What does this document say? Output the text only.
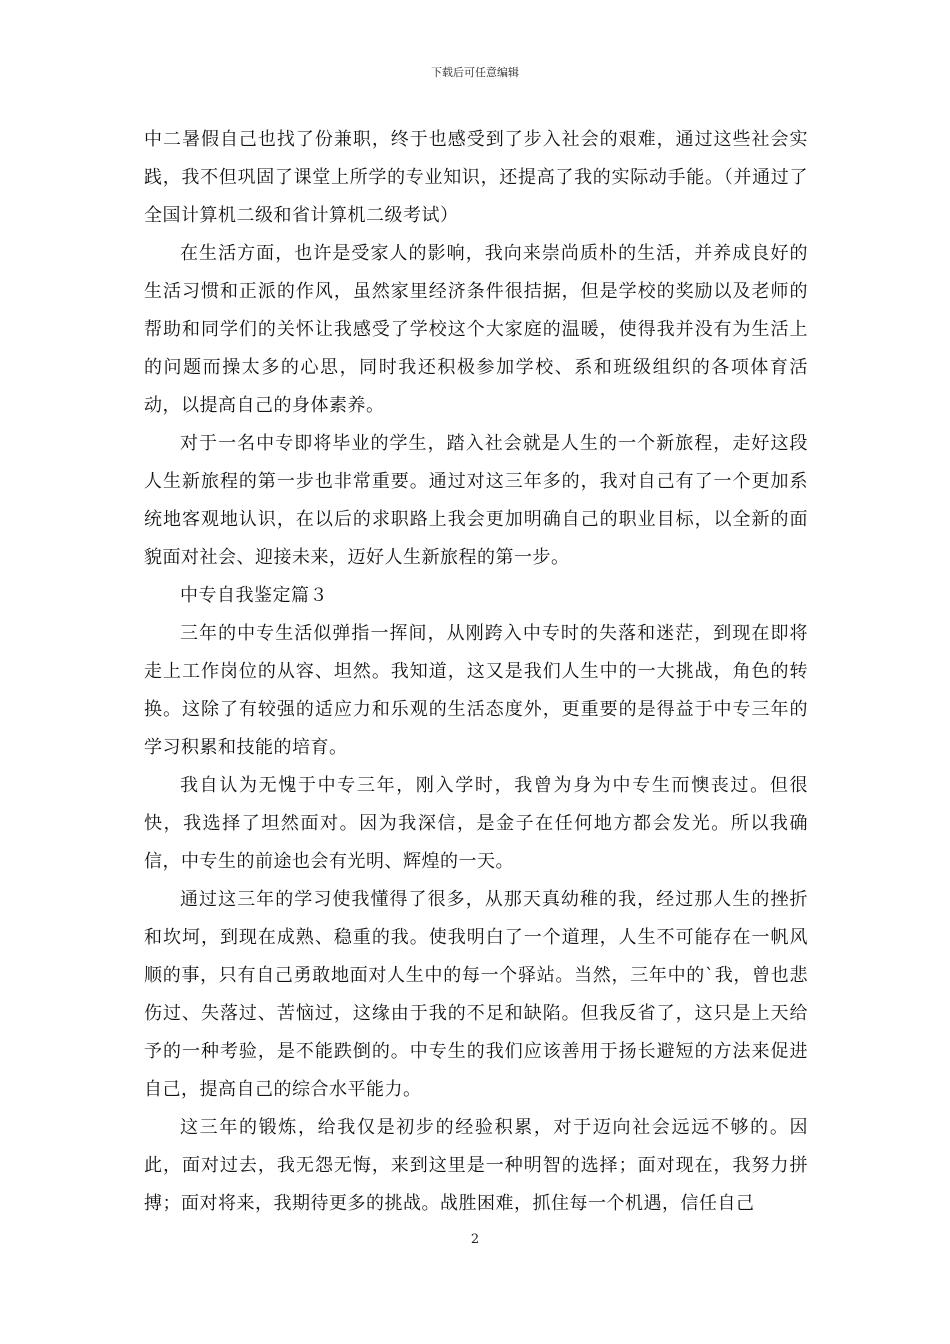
下载后可任意编辑

中二暑假自己也找了份兼职，终于也感受到了步入社会的艰难，通过这些社会实践，我不但巩固了课堂上所学的专业知识，还提高了我的实际动手能。（并通过了全国计算机二级和省计算机二级考试）

在生活方面，也许是受家人的影响，我向来崇尚质朴的生活，并养成良好的生活习惯和正派的作风，虽然家里经济条件很拮据，但是学校的奖励以及老师的帮助和同学们的关怀让我感受了学校这个大家庭的温暖，使得我并没有为生活上的问题而操太多的心思，同时我还积极参加学校、系和班级组织的各项体育活动，以提高自己的身体素养。

对于一名中专即将毕业的学生，踏入社会就是人生的一个新旅程，走好这段人生新旅程的第一步也非常重要。通过对这三年多的，我对自己有了一个更加系统地客观地认识，在以后的求职路上我会更加明确自己的职业目标，以全新的面貌面对社会、迎接未来，迈好人生新旅程的第一步。

中专自我鉴定篇３

三年的中专生活似弹指一挥间，从刚跨入中专时的失落和迷茫，到现在即将走上工作岗位的从容、坦然。我知道，这又是我们人生中的一大挑战，角色的转换。这除了有较强的适应力和乐观的生活态度外，更重要的是得益于中专三年的学习积累和技能的培育。

我自认为无愧于中专三年，刚入学时，我曾为身为中专生而懊丧过。但很快，我选择了坦然面对。因为我深信，是金子在任何地方都会发光。所以我确信，中专生的前途也会有光明、辉煌的一天。

通过这三年的学习使我懂得了很多，从那天真幼稚的我，经过那人生的挫折和坎坷，到现在成熟、稳重的我。使我明白了一个道理，人生不可能存在一帆风顺的事，只有自己勇敢地面对人生中的每一个驿站。当然，三年中的`我，曾也悲伤过、失落过、苦恼过，这缘由于我的不足和缺陷。但我反省了，这只是上天给予的一种考验，是不能跌倒的。中专生的我们应该善用于扬长避短的方法来促进自己，提高自己的综合水平能力。

这三年的锻炼，给我仅是初步的经验积累，对于迈向社会远远不够的。因此，面对过去，我无怨无悔，来到这里是一种明智的选择；面对现在，我努力拼搏；面对将来，我期待更多的挑战。战胜困难，抓住每一个机遇，信任自己

2
